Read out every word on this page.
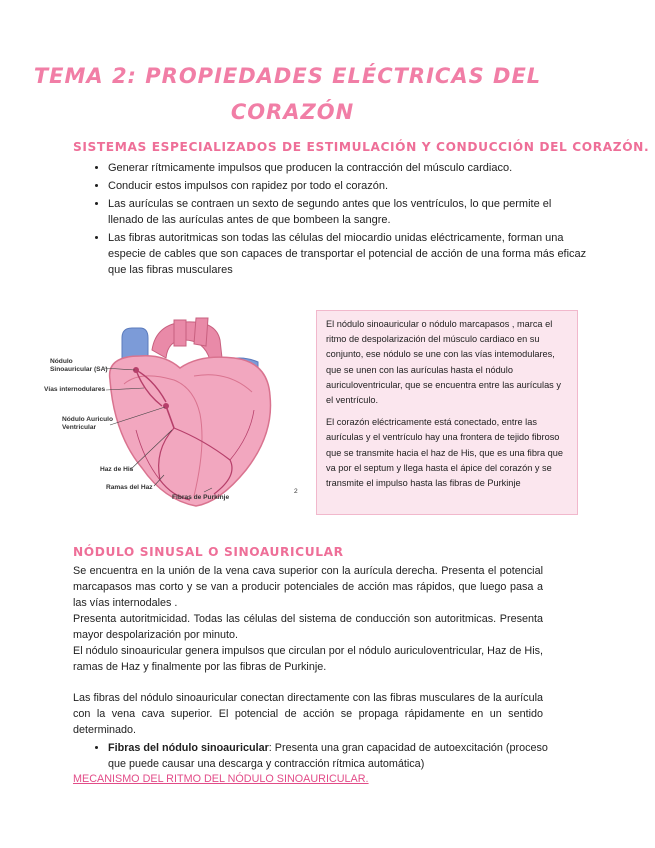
TEMA 2: PROPIEDADES ELÉCTRICAS DEL
CORAZÓN
SISTEMAS ESPECIALIZADOS DE ESTIMULACIÓN Y CONDUCCIÓN DEL CORAZÓN.
• Generar rítmicamente impulsos que producen la contracción del músculo cardiaco.
• Conducir estos impulsos con rapidez por todo el corazón.
• Las aurículas se contraen un sexto de segundo antes que los ventrículos, lo que permite el llenado de las aurículas antes de que bombeen la sangre.
• Las fibras autoritmicas son todas las células del miocardio unidas eléctricamente, forman una especie de cables que son capaces de transportar el potencial de acción de una forma más eficaz que las fibras musculares
Nódulo
Sinoauricular (SA)
Vías internodulares
Nódulo Auriculo
Ventricular
Haz de His
Ramas del Haz
Fibras de Purkinje
2

El nódulo sinoauricular o nódulo marcapasos , marca el ritmo de despolarización del músculo cardiaco en su conjunto, ese nódulo se une con las vías intemodulares, que se unen con las aurículas hasta el nódulo auriculoventricular, que se encuentra entre las aurículas y el ventrículo.

El corazón eléctricamente está conectado, entre las aurículas y el ventrículo hay una frontera de tejido fibroso que se transmite hacia el haz de His, que es una fibra que va por el septum y llega hasta el ápice del corazón y se transmite el impulso hasta las fibras de Purkinje

NÓDULO SINUSAL O SINOAURICULAR

Se encuentra en la unión de la vena cava superior con la aurícula derecha. Presenta el potencial marcapasos mas corto y se van a producir potenciales de acción mas rápidos, que luego pasa a las vías internodales .

Presenta autoritmicidad. Todas las células del sistema de conducción son autoritmicas. Presenta mayor despolarización por minuto.

El nódulo sinoauricular genera impulsos que circulan por el nódulo auriculoventricular, Haz de His, ramas de Haz y finalmente por las fibras de Purkinje.

Las fibras del nódulo sinoauricular conectan directamente con las fibras musculares de la aurícula con la vena cava superior. El potencial de acción se propaga rápidamente en un sentido determinado.

• Fibras del nódulo sinoauricular: Presenta una gran capacidad de autoexcitación (proceso que puede causar una descarga y contracción rítmica automática)
MECANISMO DEL RITMO DEL NÓDULO SINOAURICULAR.
